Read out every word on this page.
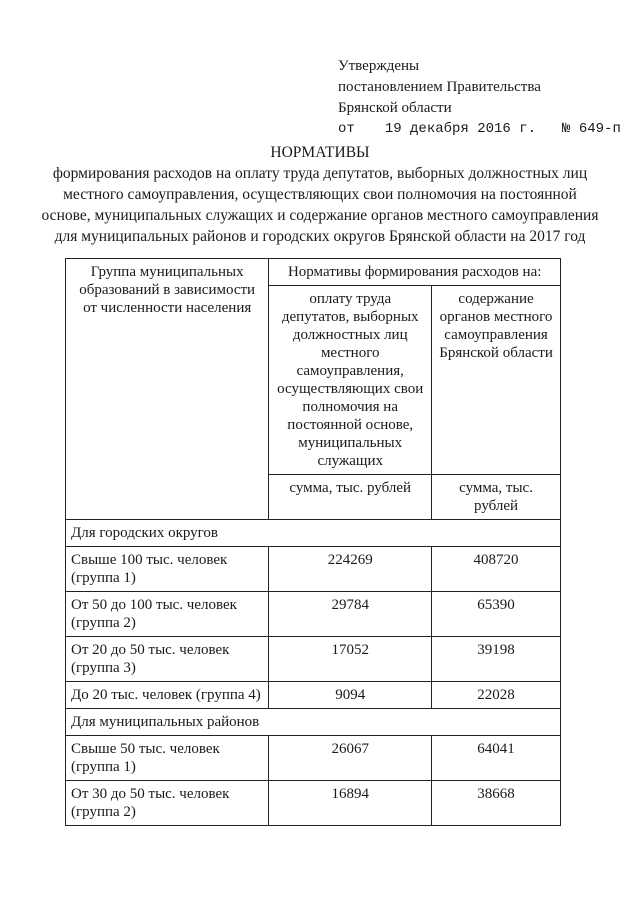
Утверждены
постановлением Правительства
Брянской области
от 19 декабря 2016 г. № 649-п
НОРМАТИВЫ
формирования расходов на оплату труда депутатов, выборных должностных лиц местного самоуправления, осуществляющих свои полномочия на постоянной основе, муниципальных служащих и содержание органов местного самоуправления для муниципальных районов и городских округов Брянской области на 2017 год
Группа муниципальных образований в зависимости от численности населения	Нормативы формирования расходов на:	
	оплату труда депутатов, выборных должностных лиц местного самоуправления, осуществляющих свои полномочия на постоянной основе, муниципальных служащих	содержание органов местного самоуправления Брянской области
	сумма, тыс. рублей	сумма, тыс. рублей
Для городских округов		
Свыше 100 тыс. человек (группа 1)	224269	408720
От 50 до 100 тыс. человек (группа 2)	29784	65390
От 20 до 50 тыс. человек (группа 3)	17052	39198
До 20 тыс. человек (группа 4)	9094	22028
Для муниципальных районов		
Свыше 50 тыс. человек (группа 1)	26067	64041
От 30 до 50 тыс. человек (группа 2)	16894	38668
